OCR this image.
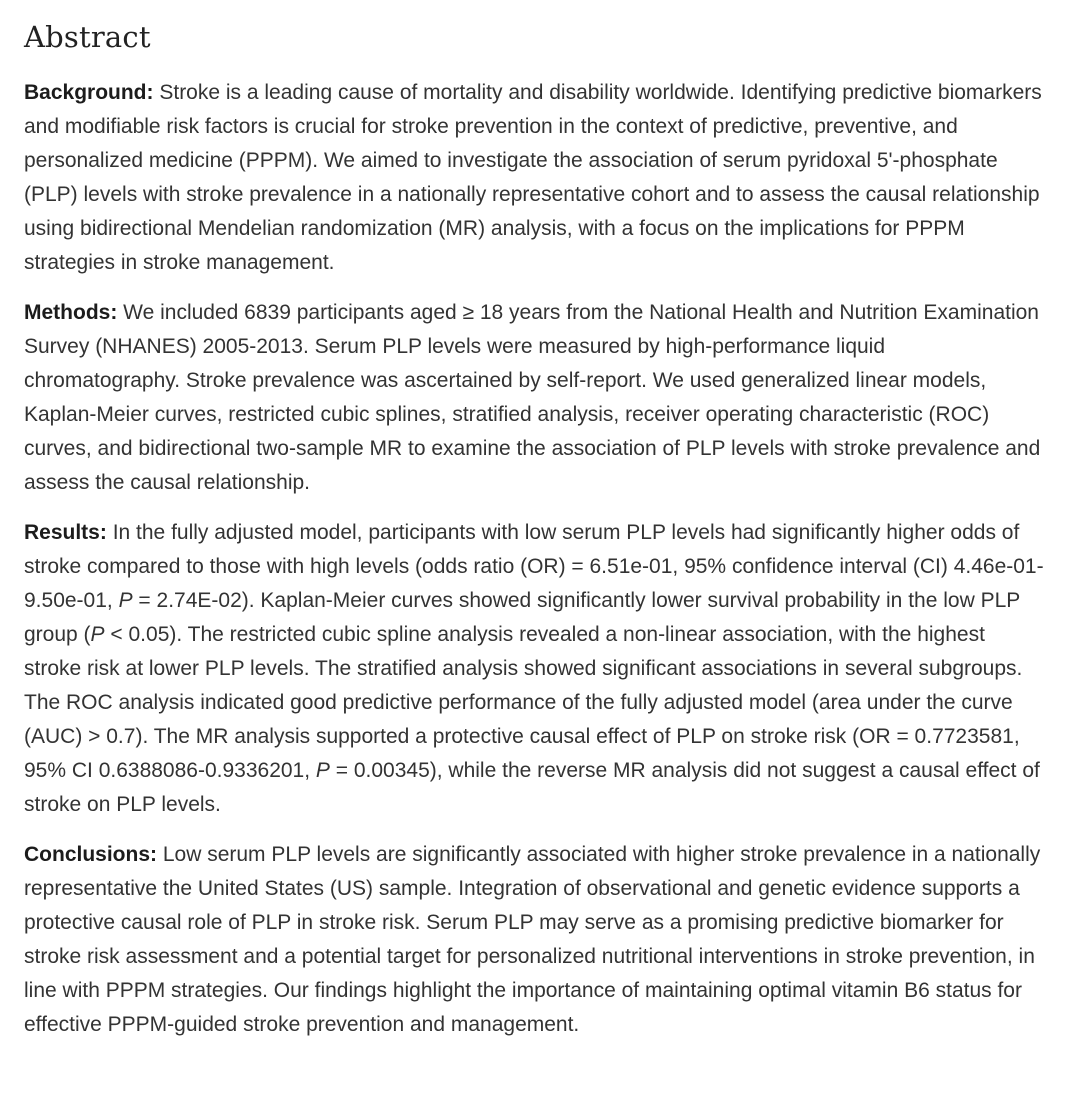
Abstract

Background: Stroke is a leading cause of mortality and disability worldwide. Identifying predictive biomarkers and modifiable risk factors is crucial for stroke prevention in the context of predictive, preventive, and personalized medicine (PPPM). We aimed to investigate the association of serum pyridoxal 5'-phosphate (PLP) levels with stroke prevalence in a nationally representative cohort and to assess the causal relationship using bidirectional Mendelian randomization (MR) analysis, with a focus on the implications for PPPM strategies in stroke management.

Methods: We included 6839 participants aged ≥ 18 years from the National Health and Nutrition Examination Survey (NHANES) 2005-2013. Serum PLP levels were measured by high-performance liquid chromatography. Stroke prevalence was ascertained by self-report. We used generalized linear models, Kaplan-Meier curves, restricted cubic splines, stratified analysis, receiver operating characteristic (ROC) curves, and bidirectional two-sample MR to examine the association of PLP levels with stroke prevalence and assess the causal relationship.

Results: In the fully adjusted model, participants with low serum PLP levels had significantly higher odds of stroke compared to those with high levels (odds ratio (OR) = 6.51e-01, 95% confidence interval (CI) 4.46e-01-9.50e-01, P = 2.74E-02). Kaplan-Meier curves showed significantly lower survival probability in the low PLP group (P < 0.05). The restricted cubic spline analysis revealed a non-linear association, with the highest stroke risk at lower PLP levels. The stratified analysis showed significant associations in several subgroups. The ROC analysis indicated good predictive performance of the fully adjusted model (area under the curve (AUC) > 0.7). The MR analysis supported a protective causal effect of PLP on stroke risk (OR = 0.7723581, 95% CI 0.6388086-0.9336201, P = 0.00345), while the reverse MR analysis did not suggest a causal effect of stroke on PLP levels.

Conclusions: Low serum PLP levels are significantly associated with higher stroke prevalence in a nationally representative the United States (US) sample. Integration of observational and genetic evidence supports a protective causal role of PLP in stroke risk. Serum PLP may serve as a promising predictive biomarker for stroke risk assessment and a potential target for personalized nutritional interventions in stroke prevention, in line with PPPM strategies. Our findings highlight the importance of maintaining optimal vitamin B6 status for effective PPPM-guided stroke prevention and management.
